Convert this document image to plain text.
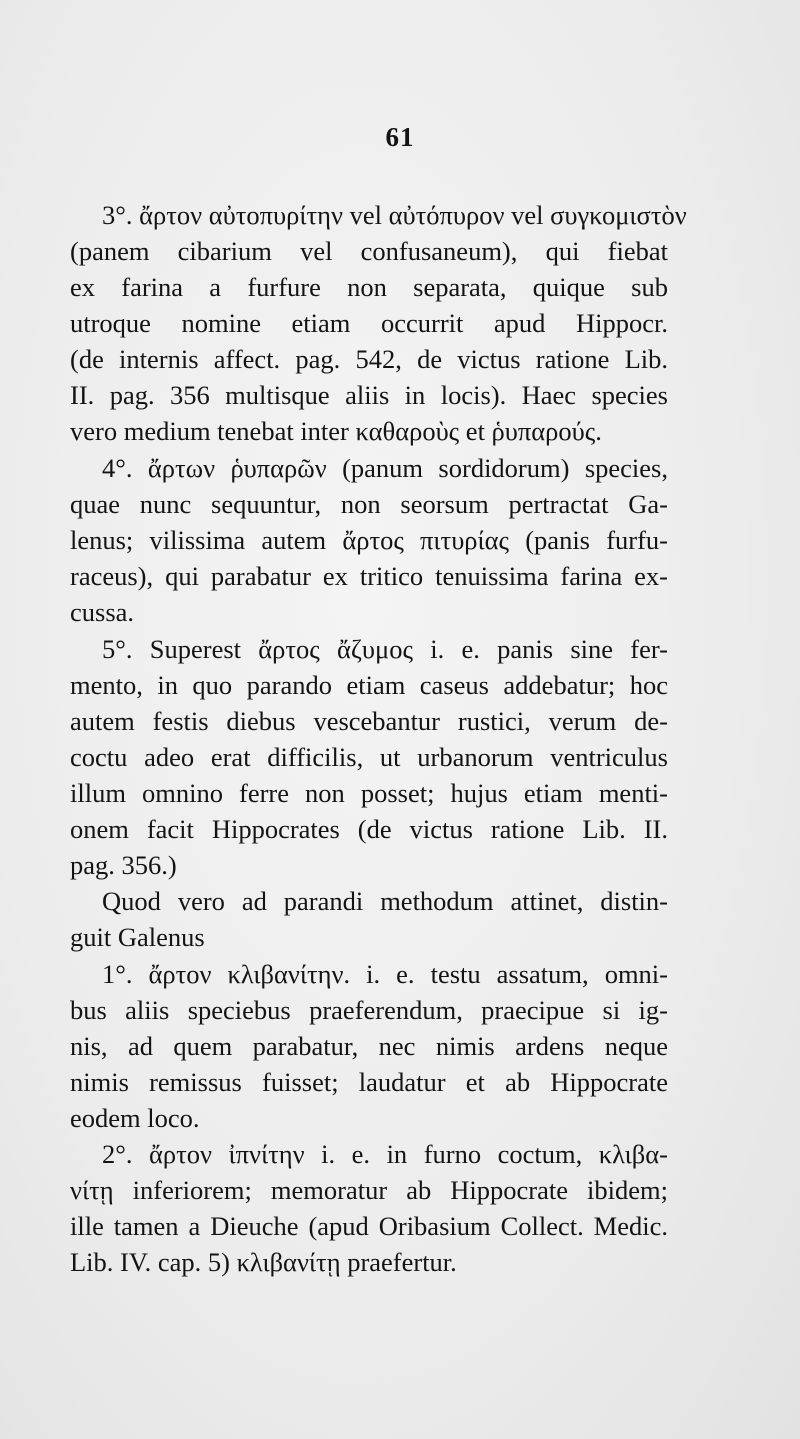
61
3°. ἄρτον αὐτοπυρίτην vel αὐτόπυρον vel συγκομιστὸν
(panem cibarium vel confusaneum), qui fiebat
ex farina a furfure non separata, quique sub
utroque nomine etiam occurrit apud Hippocr.
(de internis affect. pag. 542, de victus ratione Lib.
II. pag. 356 multisque aliis in locis). Haec species
vero medium tenebat inter καθαροὺς et ῥυπαρούς.
4°. ἄρτων ῥυπαρῶν (panum sordidorum) species,
quae nunc sequuntur, non seorsum pertractat Ga-
lenus; vilissima autem ἄρτος πιτυρίας (panis furfu-
raceus), qui parabatur ex tritico tenuissima farina ex-
cussa.
5°. Superest ἄρτος ἄζυμος i. e. panis sine fer-
mento, in quo parando etiam caseus addebatur; hoc
autem festis diebus vescebantur rustici, verum de-
coctu adeo erat difficilis, ut urbanorum ventriculus
illum omnino ferre non posset; hujus etiam menti-
onem facit Hippocrates (de victus ratione Lib. II.
pag. 356.)
Quod vero ad parandi methodum attinet, distin-
guit Galenus
1°. ἄρτον κλιβανίτην. i. e. testu assatum, omni-
bus aliis speciebus praeferendum, praecipue si ig-
nis, ad quem parabatur, nec nimis ardens neque
nimis remissus fuisset; laudatur et ab Hippocrate
eodem loco.
2°. ἄρτον ἰπνίτην i. e. in furno coctum, κλιβα-
νίτῃ inferiorem; memoratur ab Hippocrate ibidem;
ille tamen a Dieuche (apud Oribasium Collect. Medic.
Lib. IV. cap. 5) κλιβανίτῃ praefertur.
